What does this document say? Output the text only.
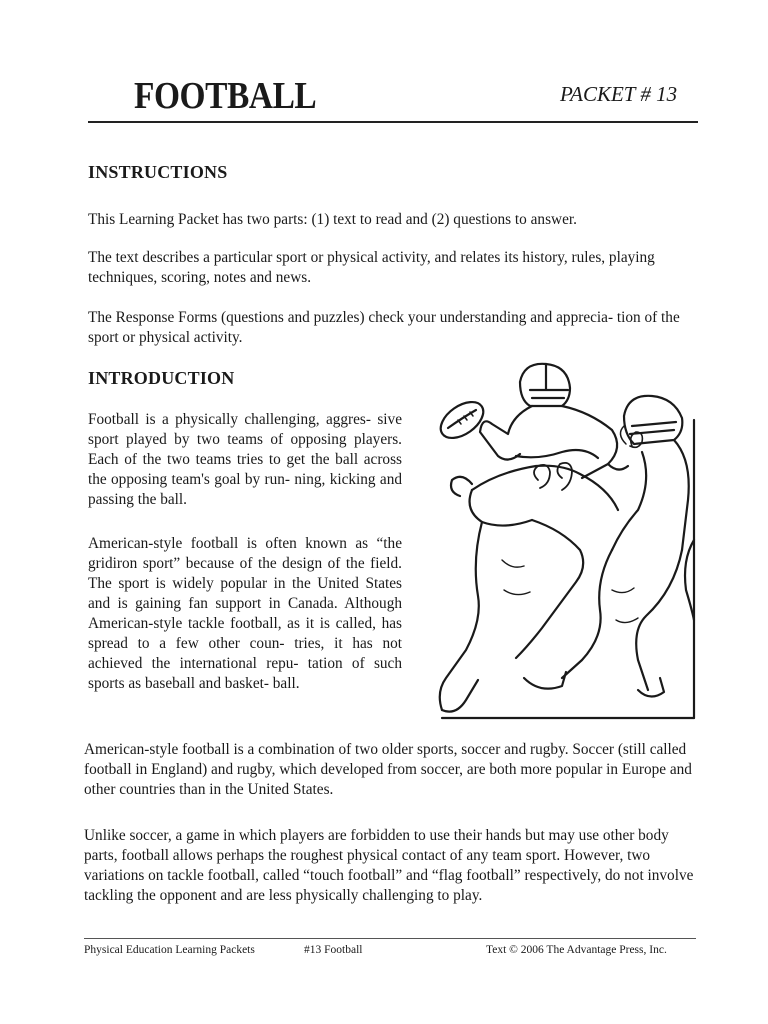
FOOTBALL	PACKET # 13
INSTRUCTIONS

This Learning Packet has two parts: (1) text to read and (2) questions to answer.

The text describes a particular sport or physical activity, and relates its history, rules, playing techniques, scoring, notes and news.

The Response Forms (questions and puzzles) check your understanding and apprecia- tion of the sport or physical activity.

INTRODUCTION

Football is a physically challenging, aggres- sive sport played by two teams of opposing players. Each of the two teams tries to get the ball across the opposing team's goal by run- ning, kicking and passing the ball.

American-style football is often known as “the gridiron sport” because of the design of the field. The sport is widely popular in the United States and is gaining fan support in Canada. Although American-style tackle football, as it is called, has spread to a few other coun- tries, it has not achieved the international repu- tation of such sports as baseball and basket- ball.

American-style football is a combination of two older sports, soccer and rugby. Soccer (still called football in England) and rugby, which developed from soccer, are both more popular in Europe and other countries than in the United States.

Unlike soccer, a game in which players are forbidden to use their hands but may use other body parts, football allows perhaps the roughest physical contact of any team sport. However, two variations on tackle football, called “touch football” and “flag football” respectively, do not involve tackling the opponent and are less physically challenging to play.

Physical Education Learning Packets	#13 Football	Text © 2006 The Advantage Press, Inc.
